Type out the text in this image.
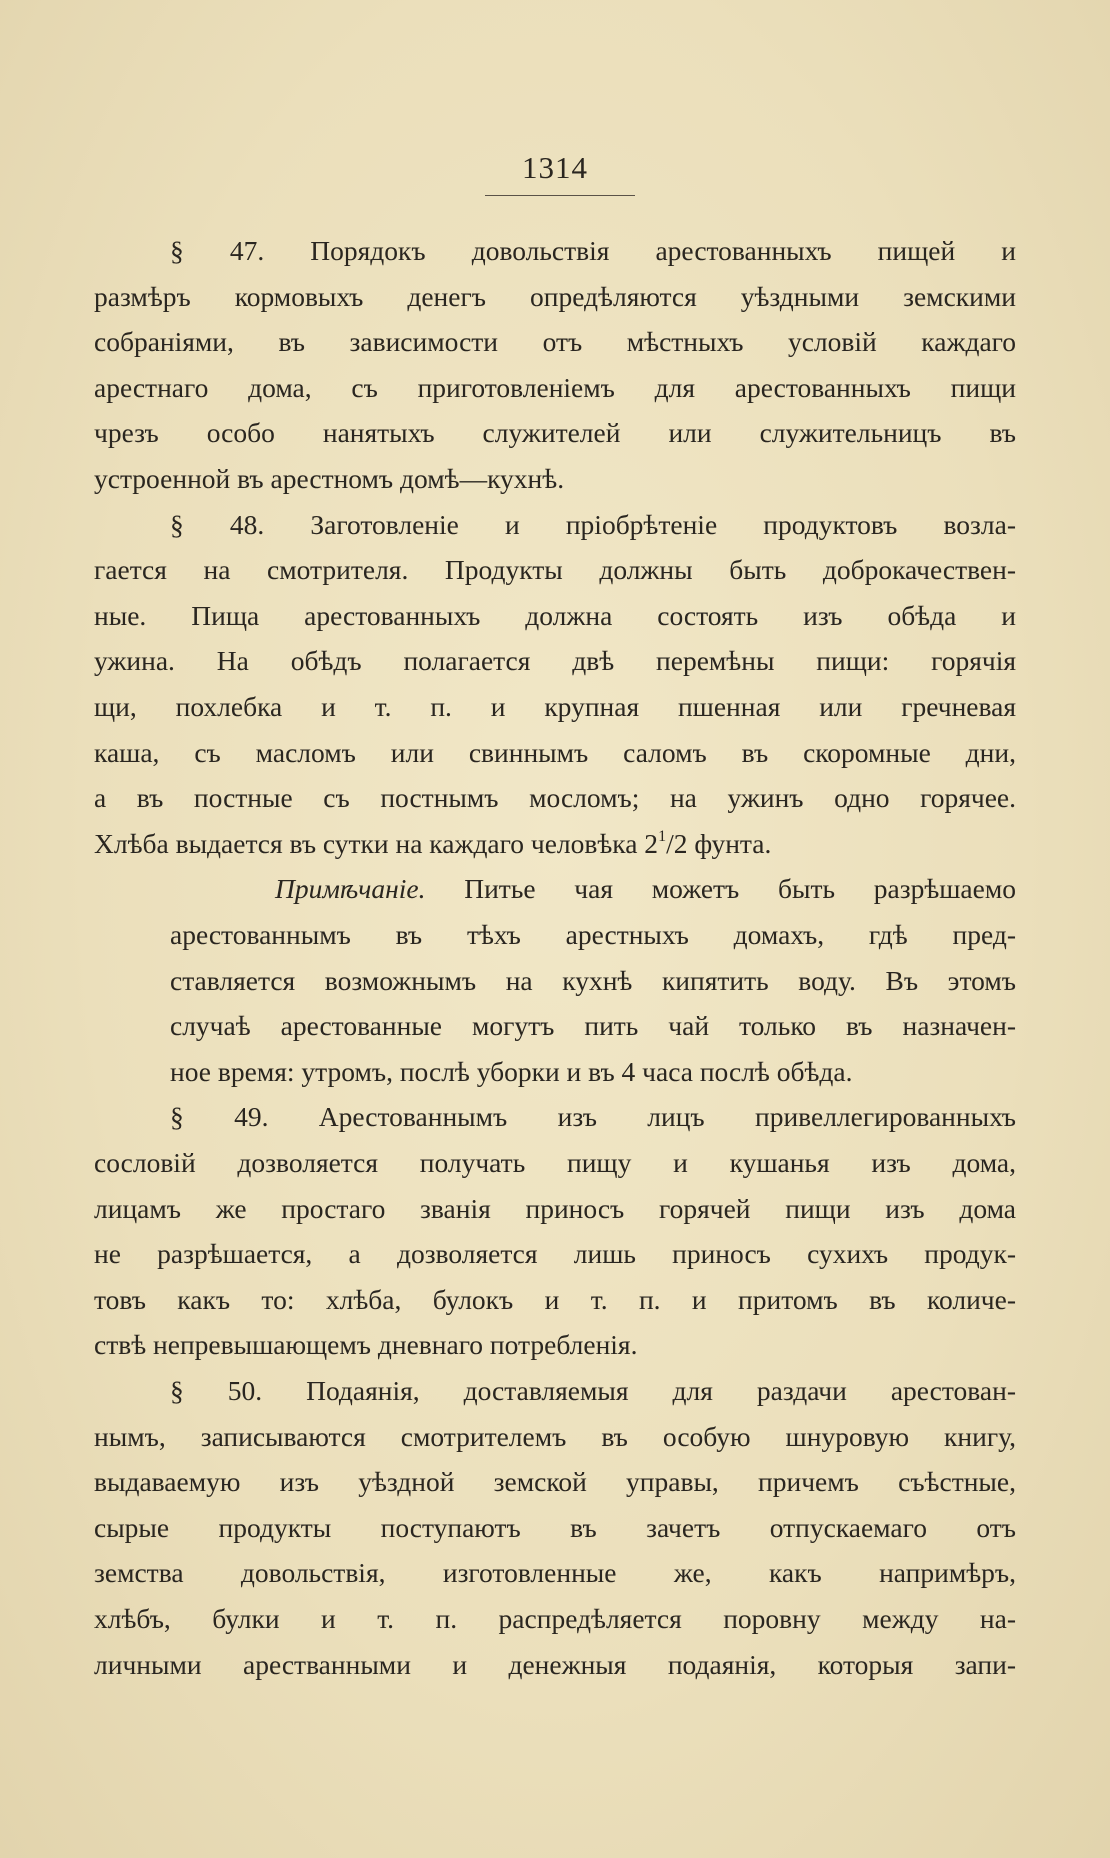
1314
§ 47. Порядокъ довольствія арестованныхъ пищей и
размѣръ кормовыхъ денегъ опредѣляются уѣздными земскими
собраніями, въ зависимости отъ мѣстныхъ условій каждаго
арестнаго дома, съ приготовленіемъ для арестованныхъ пищи
чрезъ особо нанятыхъ служителей или служительницъ въ
устроенной въ арестномъ домѣ—кухнѣ.
§ 48. Заготовленіе и пріобрѣтеніе продуктовъ возла-
гается на смотрителя. Продукты должны быть доброкачествен-
ные. Пища арестованныхъ должна состоять изъ обѣда и
ужина. На обѣдъ полагается двѣ перемѣны пищи: горячія
щи, похлебка и т. п. и крупная пшенная или гречневая
каша, съ масломъ или свиннымъ саломъ въ скоромные дни,
а въ постные съ постнымъ мосломъ; на ужинъ одно горячее.
Хлѣба выдается въ сутки на каждаго человѣка $2^1/2$ фунта.
Примѣчаніе. Питье чая можетъ быть разрѣшаемо
арестованнымъ въ тѣхъ арестныхъ домахъ, гдѣ пред-
ставляется возможнымъ на кухнѣ кипятить воду. Въ этомъ
случаѣ арестованные могутъ пить чай только въ назначен-
ное время: утромъ, послѣ уборки и въ 4 часа послѣ обѣда.
§ 49. Арестованнымъ изъ лицъ привеллегированныхъ
сословій дозволяется получать пищу и кушанья изъ дома,
лицамъ же простаго званія приносъ горячей пищи изъ дома
не разрѣшается, а дозволяется лишь приносъ сухихъ продук-
товъ какъ то: хлѣба, булокъ и т. п. и притомъ въ количе-
ствѣ непревышающемъ дневнаго потребленія.
§ 50. Подаянія, доставляемыя для раздачи арестован-
нымъ, записываются смотрителемъ въ особую шнуровую книгу,
выдаваемую изъ уѣздной земской управы, причемъ съѣстные,
сырые продукты поступаютъ въ зачетъ отпускаемаго отъ
земства довольствія, изготовленные же, какъ напримѣръ,
хлѣбъ, булки и т. п. распредѣляется поровну между на-
личными арестванными и денежныя подаянія, которыя запи-
